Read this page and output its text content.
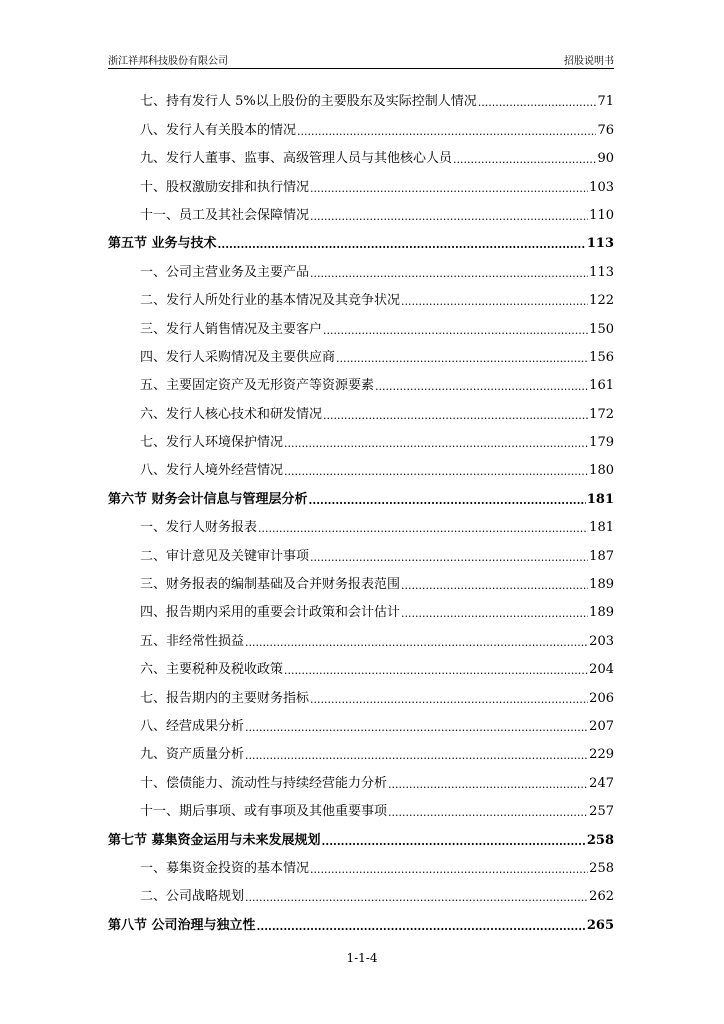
浙江祥邦科技股份有限公司	招股说明书
七、持有发行人 5%以上股份的主要股东及实际控制人情况 .....	71
八、发行人有关股本的情况 .....	76
九、发行人董事、监事、高级管理人员与其他核心人员 .....	90
十、股权激励安排和执行情况 .....	103
十一、员工及其社会保障情况 .....	110
第五节 业务与技术 .....	113
一、公司主营业务及主要产品 .....	113
二、发行人所处行业的基本情况及其竞争状况 .....	122
三、发行人销售情况及主要客户 .....	150
四、发行人采购情况及主要供应商 .....	156
五、主要固定资产及无形资产等资源要素 .....	161
六、发行人核心技术和研发情况 .....	172
七、发行人环境保护情况 .....	179
八、发行人境外经营情况 .....	180
第六节 财务会计信息与管理层分析 .....	181
一、发行人财务报表 .....	181
二、审计意见及关键审计事项 .....	187
三、财务报表的编制基础及合并财务报表范围 .....	189
四、报告期内采用的重要会计政策和会计估计 .....	189
五、非经常性损益 .....	203
六、主要税种及税收政策 .....	204
七、报告期内的主要财务指标 .....	206
八、经营成果分析 .....	207
九、资产质量分析 .....	229
十、偿债能力、流动性与持续经营能力分析 .....	247
十一、期后事项、或有事项及其他重要事项 .....	257
第七节 募集资金运用与未来发展规划 .....	258
一、募集资金投资的基本情况 .....	258
二、公司战略规划 .....	262
第八节 公司治理与独立性 .....	265
1-1-4
